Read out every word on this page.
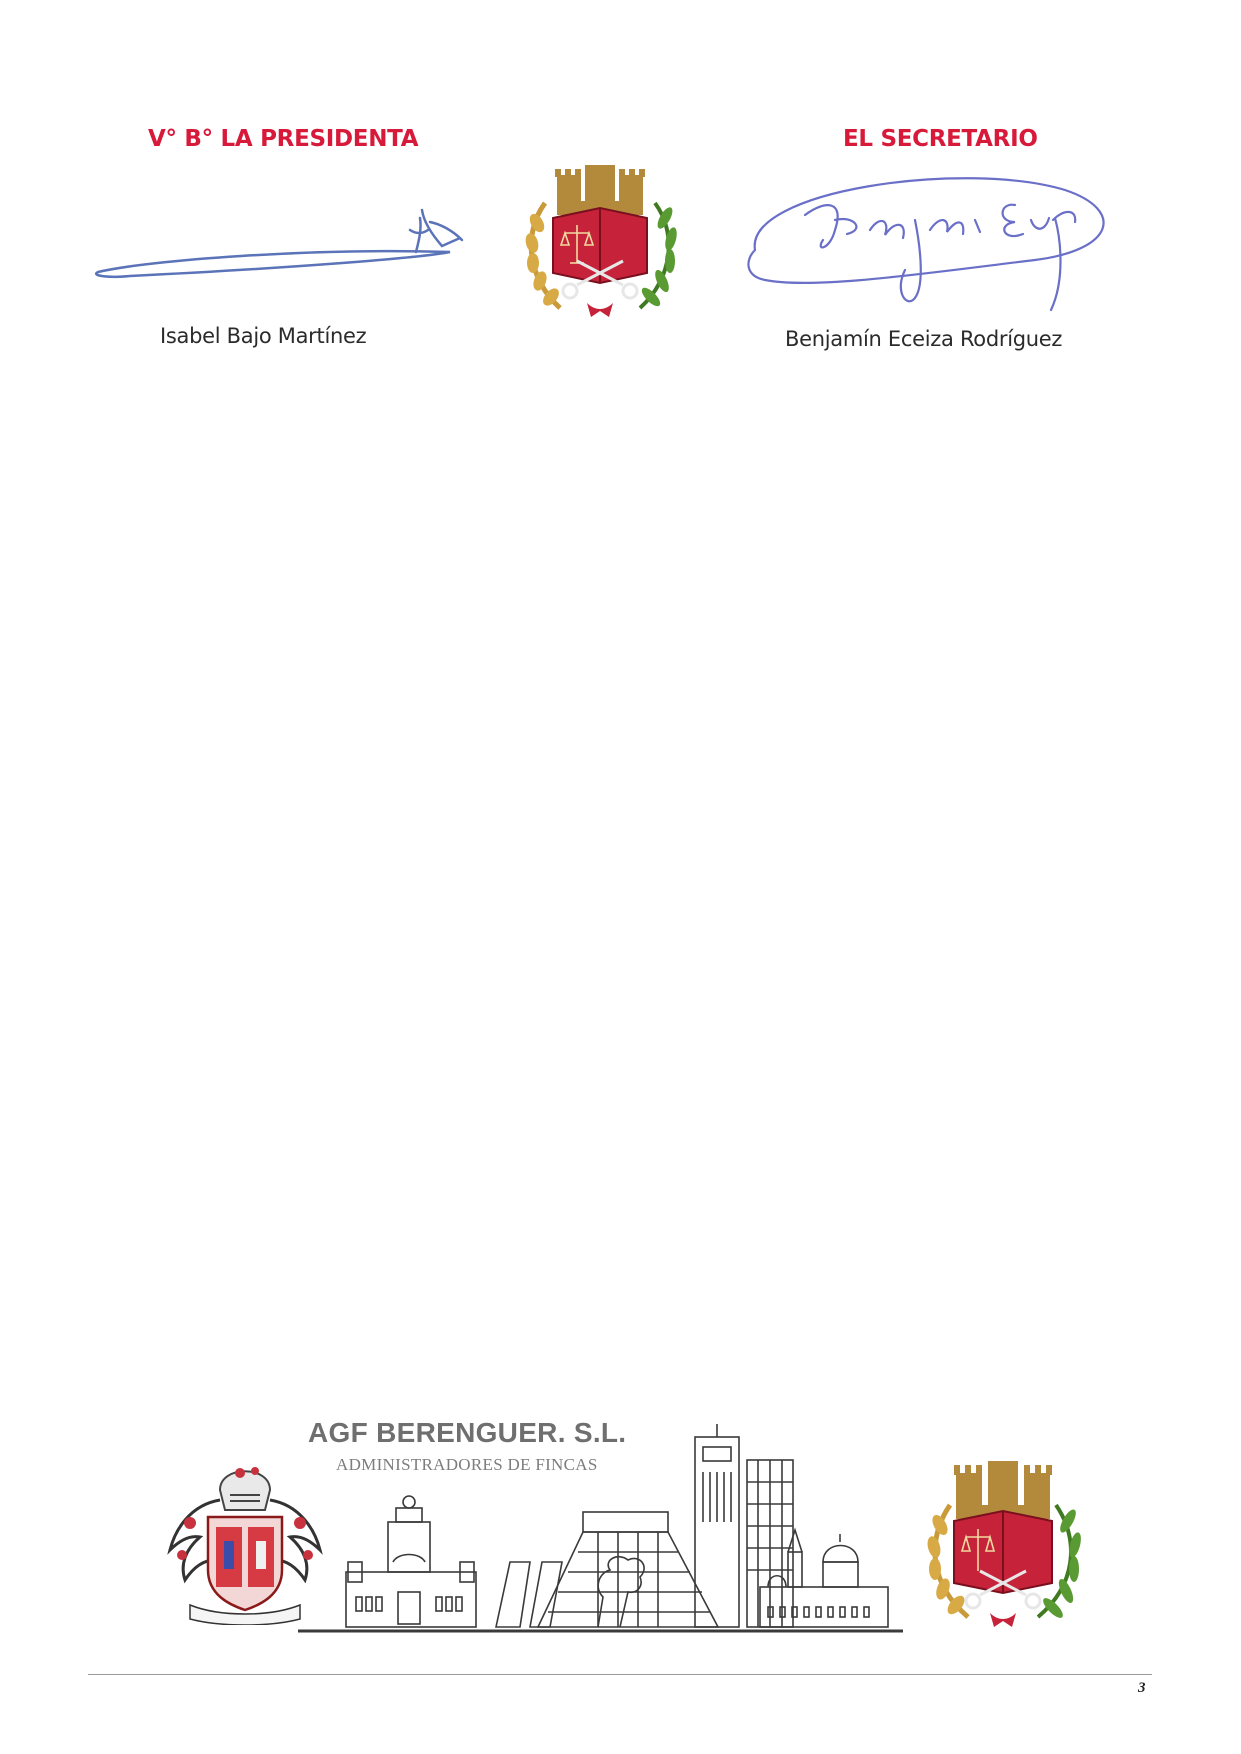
V° B° LA PRESIDENTA	EL SECRETARIO
Isabel Bajo Martínez	Benjamín Eceiza Rodríguez
AGF BERENGUER. S.L.
ADMINISTRADORES DE FINCAS
3
